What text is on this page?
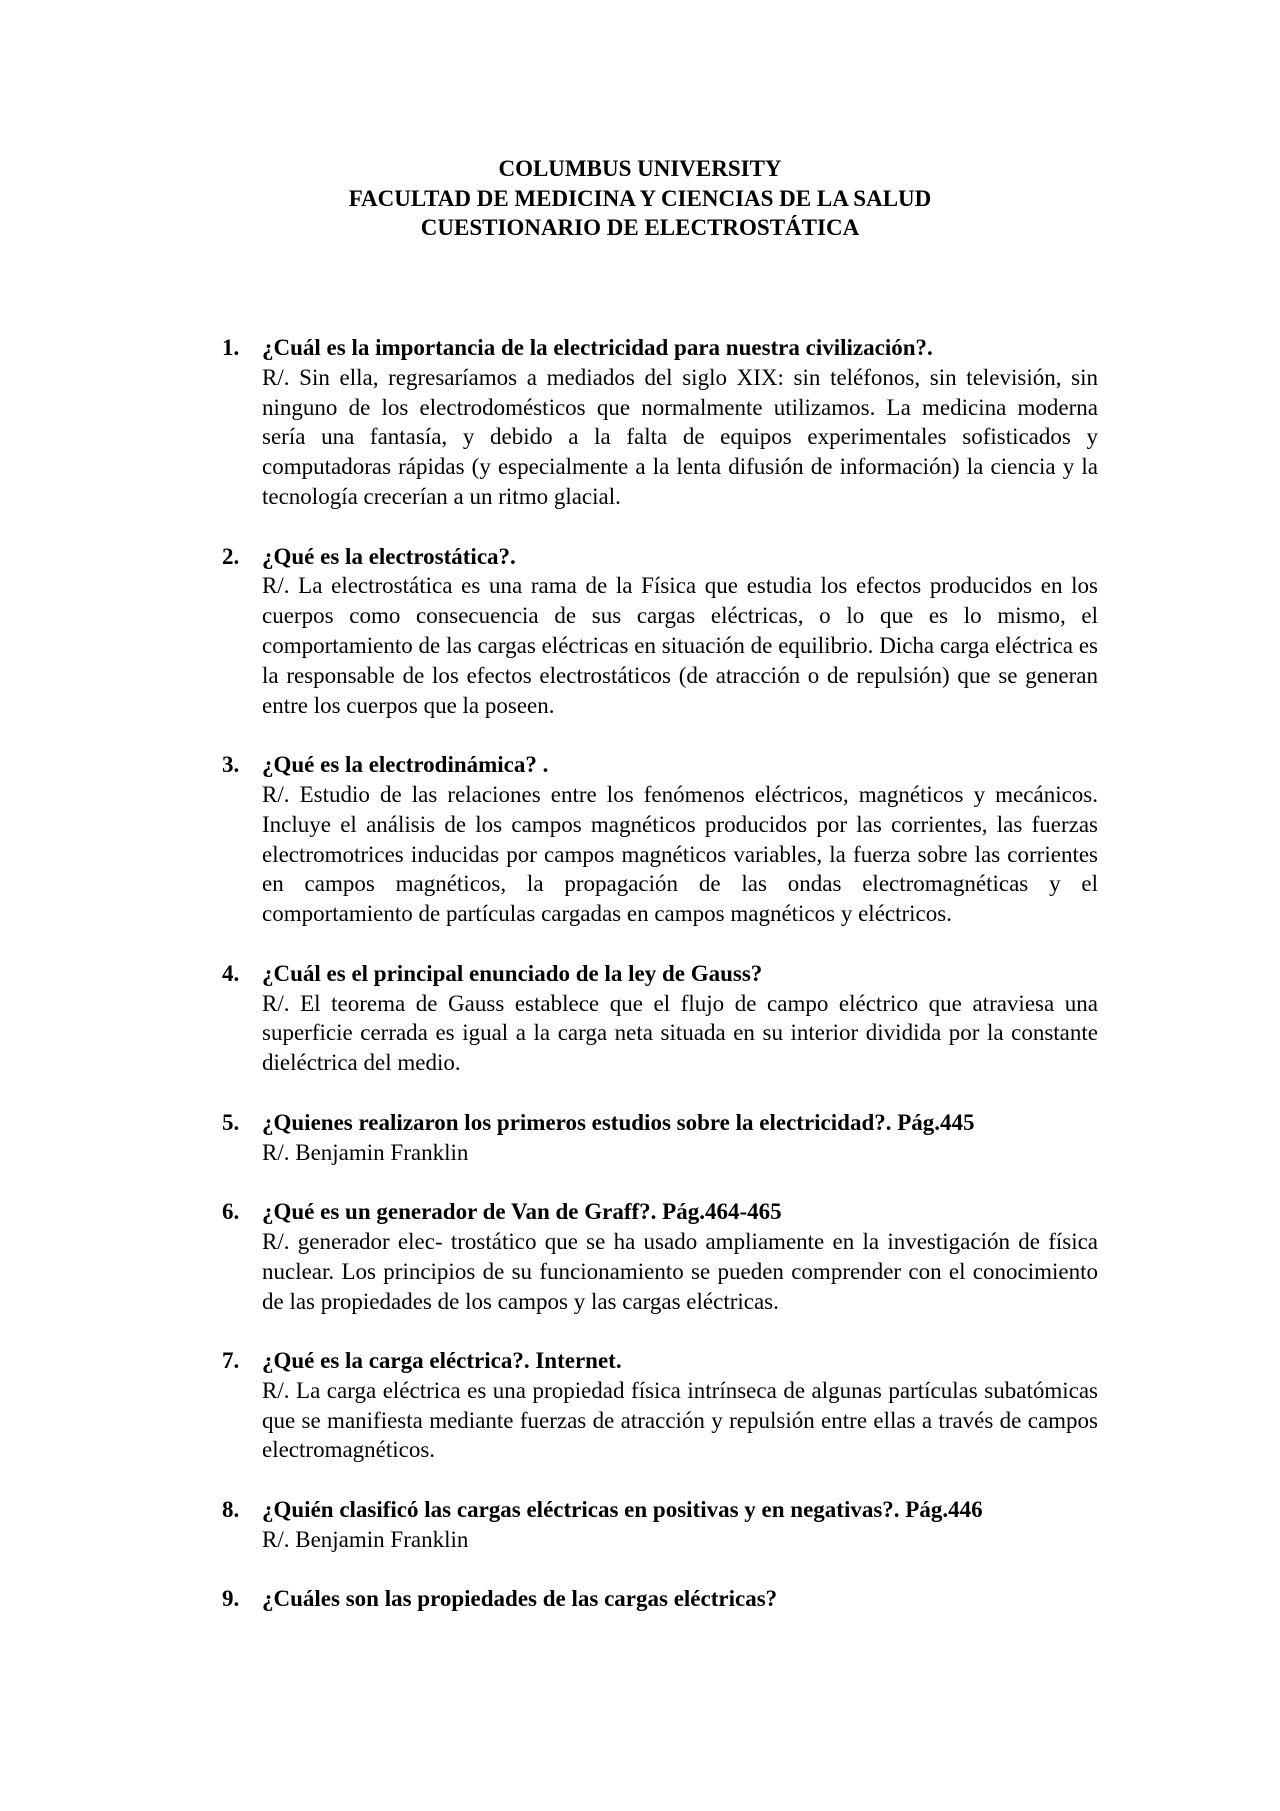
COLUMBUS UNIVERSITY
FACULTAD DE MEDICINA Y CIENCIAS DE LA SALUD
CUESTIONARIO DE ELECTROSTÁTICA
1. ¿Cuál es la importancia de la electricidad para nuestra civilización?.
R/. Sin ella, regresaríamos a mediados del siglo XIX: sin teléfonos, sin televisión, sin ninguno de los electrodomésticos que normalmente utilizamos. La medicina moderna sería una fantasía, y debido a la falta de equipos experimentales sofisticados y computadoras rápidas (y especialmente a la lenta difusión de información) la ciencia y la tecnología crecerían a un ritmo glacial.
2. ¿Qué es la electrostática?.
R/. La electrostática es una rama de la Física que estudia los efectos producidos en los cuerpos como consecuencia de sus cargas eléctricas, o lo que es lo mismo, el comportamiento de las cargas eléctricas en situación de equilibrio. Dicha carga eléctrica es la responsable de los efectos electrostáticos (de atracción o de repulsión) que se generan entre los cuerpos que la poseen.
3. ¿Qué es la electrodinámica? .
R/. Estudio de las relaciones entre los fenómenos eléctricos, magnéticos y mecánicos. Incluye el análisis de los campos magnéticos producidos por las corrientes, las fuerzas electromotrices inducidas por campos magnéticos variables, la fuerza sobre las corrientes en campos magnéticos, la propagación de las ondas electromagnéticas y el comportamiento de partículas cargadas en campos magnéticos y eléctricos.
4. ¿Cuál es el principal enunciado de la ley de Gauss?
R/. El teorema de Gauss establece que el flujo de campo eléctrico que atraviesa una superficie cerrada es igual a la carga neta situada en su interior dividida por la constante dieléctrica del medio.
5. ¿Quienes realizaron los primeros estudios sobre la electricidad?. Pág.445
R/. Benjamin Franklin
6. ¿Qué es un generador de Van de Graff?. Pág.464-465
R/. generador elec- trostático que se ha usado ampliamente en la investigación de física nuclear. Los principios de su funcionamiento se pueden comprender con el conocimiento de las propiedades de los campos y las cargas eléctricas.
7. ¿Qué es la carga eléctrica?. Internet.
R/. La carga eléctrica es una propiedad física intrínseca de algunas partículas subatómicas que se manifiesta mediante fuerzas de atracción y repulsión entre ellas a través de campos electromagnéticos.
8. ¿Quién clasificó las cargas eléctricas en positivas y en negativas?. Pág.446
R/. Benjamin Franklin
9. ¿Cuáles son las propiedades de las cargas eléctricas?
